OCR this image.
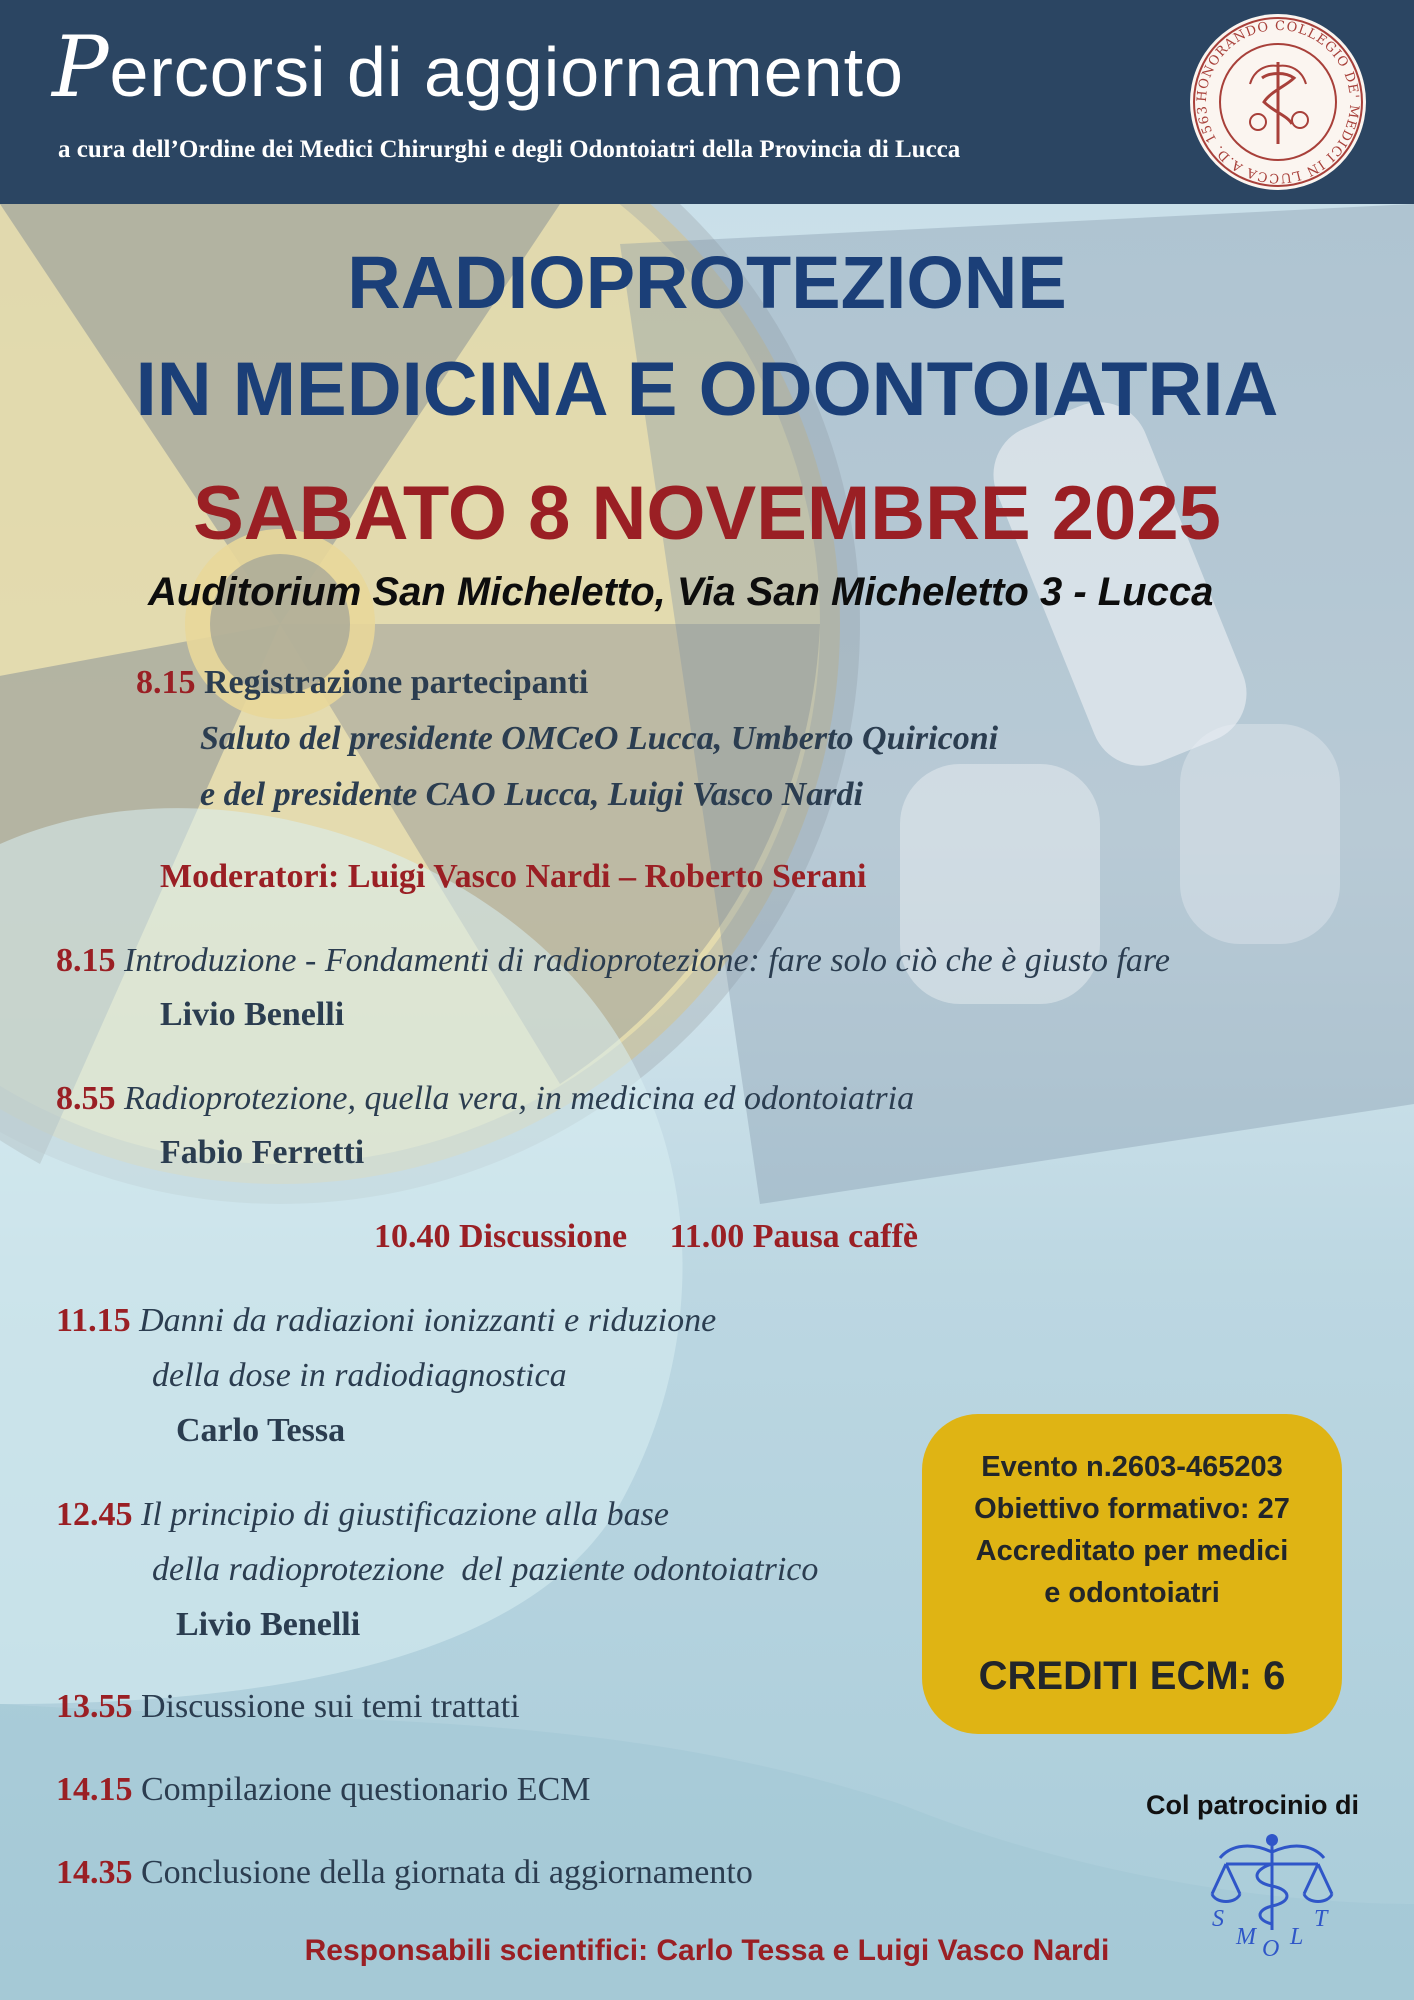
Percorsi di aggiornamento
a cura dell’Ordine dei Medici Chirurghi e degli Odontoiatri della Provincia di Lucca
HONORANDO COLLEGIO DE' MEDICI IN LUCCA A.D. 1563
RADIOPROTEZIONE
IN MEDICINA E ODONTOIATRIA
SABATO 8 NOVEMBRE 2025
Auditorium San Micheletto, Via San Micheletto 3 - Lucca
8.15 Registrazione partecipanti
Saluto del presidente OMCeO Lucca, Umberto Quiriconi
e del presidente CAO Lucca, Luigi Vasco Nardi
Moderatori: Luigi Vasco Nardi – Roberto Serani
8.15 Introduzione - Fondamenti di radioprotezione: fare solo ciò che è giusto fare
Livio Benelli
8.55 Radioprotezione, quella vera, in medicina ed odontoiatria
Fabio Ferretti
10.40 Discussione     11.00 Pausa caffè
11.15 Danni da radiazioni ionizzanti e riduzione
della dose in radiodiagnostica
Carlo Tessa
12.45 Il principio di giustificazione alla base
della radioprotezione  del paziente odontoiatrico
Livio Benelli
13.55 Discussione sui temi trattati
14.15 Compilazione questionario ECM
14.35 Conclusione della giornata di aggiornamento
Evento n.2603-465203
Obiettivo formativo: 27
Accreditato per medici
e odontoiatri
CREDITI ECM: 6
Col patrocinio di
S
M O L
T
Responsabili scientifici: Carlo Tessa e Luigi Vasco Nardi
